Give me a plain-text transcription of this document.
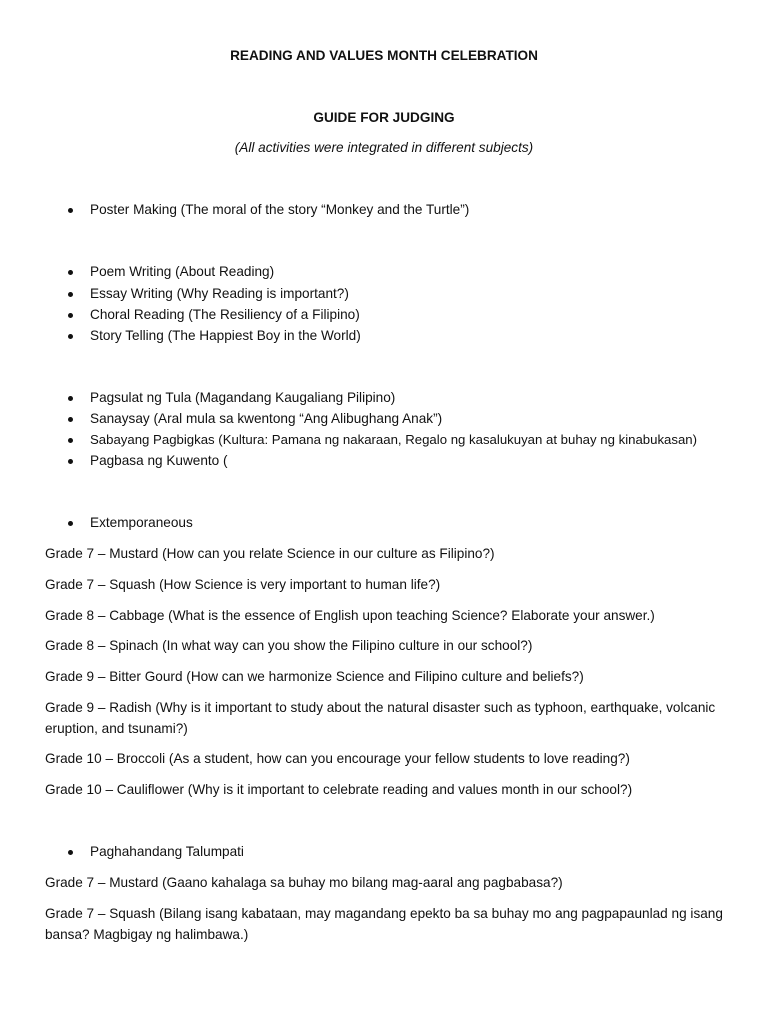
READING AND VALUES MONTH CELEBRATION
GUIDE FOR JUDGING
(All activities were integrated in different subjects)
Poster Making (The moral of the story “Monkey and the Turtle”)
Poem Writing (About Reading)
Essay Writing (Why Reading is important?)
Choral Reading (The Resiliency of a Filipino)
Story Telling (The Happiest Boy in the World)
Pagsulat ng Tula (Magandang Kaugaliang Pilipino)
Sanaysay (Aral mula sa kwentong “Ang Alibughang Anak”)
Sabayang Pagbigkas (Kultura: Pamana ng nakaraan, Regalo ng kasalukuyan at buhay ng kinabukasan)
Pagbasa ng Kuwento (
Extemporaneous
Grade 7 – Mustard (How can you relate Science in our culture as Filipino?)
Grade 7 – Squash (How Science is very important to human life?)
Grade 8 – Cabbage (What is the essence of English upon teaching Science? Elaborate your answer.)
Grade 8 – Spinach (In what way can you show the Filipino culture in our school?)
Grade 9 – Bitter Gourd (How can we harmonize Science and Filipino culture and beliefs?)
Grade 9 – Radish (Why is it important to study about the natural disaster such as typhoon, earthquake, volcanic eruption, and tsunami?)
Grade 10 – Broccoli (As a student, how can you encourage your fellow students to love reading?)
Grade 10 – Cauliflower (Why is it important to celebrate reading and values month in our school?)
Paghahandang Talumpati
Grade 7 – Mustard (Gaano kahalaga sa buhay mo bilang mag-aaral ang pagbabasa?)
Grade 7 – Squash (Bilang isang kabataan, may magandang epekto ba sa buhay mo ang pagpapaunlad ng isang bansa? Magbigay ng halimbawa.)
